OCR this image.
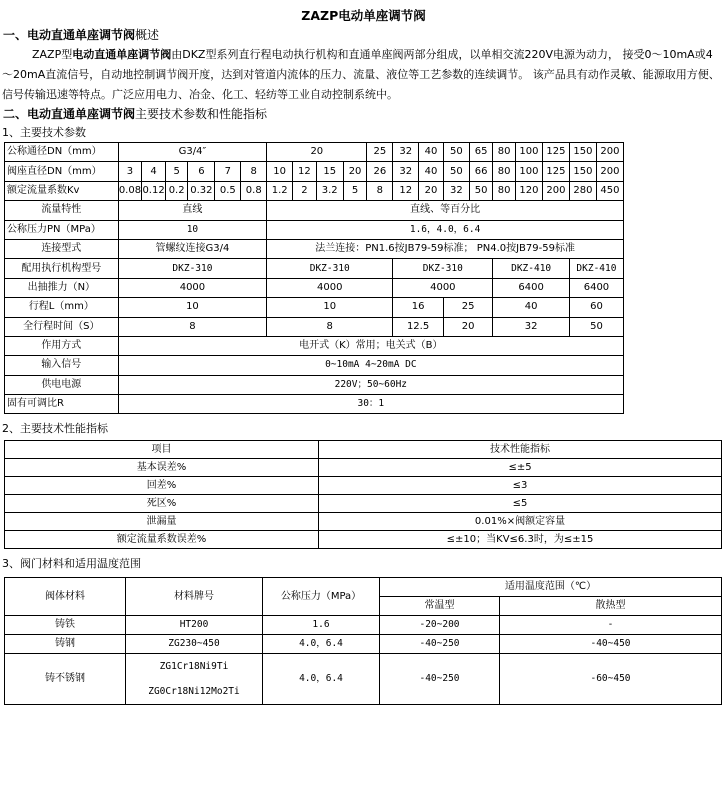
ZAZP电动单座调节阀
一、电动直通单座调节阀概述
ZAZP型电动直通单座调节阀由DKZ型系列直行程电动执行机构和直通单座阀两部分组成，以单相交流220V电源为动力， 接受0～10mA或4～20mA直流信号，自动地控制调节阀开度，达到对管道内流体的压力、流量、液位等工艺参数的连续调节。 该产品具有动作灵敏、能源取用方便、信号传输迅速等特点。广泛应用电力、冶金、化工、轻纺等工业自动控制系统中。
二、电动直通单座调节阀主要技术参数和性能指标
1、主要技术参数
公称通径DN（mm）	G3/4″						20				25	32	40	50	65	80	100	125	150	200
阀座直径DN（mm）	3	4	5	6	7	8	10	12	15	20	26	32	40	50	66	80	100	125	150	200
额定流量系数Kv	0.08	0.12	0.2	0.32	0.5	0.8	1.2	2	3.2	5	8	12	20	32	50	80	120	200	280	450
流量特性	直线						直线、等百分比													
公称压力PN（MPa）	10						1.6，4.0，6.4													
连接型式	管螺纹连接G3/4						法兰连接：PN1.6按JB79-59标准； PN4.0按JB79-59标准													
配用执行机构型号	DKZ-310						DKZ-310					DKZ-310				DKZ-410			DKZ-410	
出抽推力（N）	4000						4000					4000				6400			6400	
行程L（mm）	10						10					16		25		40			60	
全行程时间（S）	8						8					12.5		20		32			50	
作用方式	电开式（K）常用；电关式（B）																			
输入信号	0~10mA 4~20mA DC																			
供电电源	220V；50~60Hz																			
固有可调比R	30：1																			
2、主要技术性能指标
项目	技术性能指标
基本误差%	≤±5
回差%	≤3
死区%	≤5
泄漏量	0.01%×阀额定容量
额定流量系数误差%	≤±10；当KV≤6.3时，为≤±15
3、阀门材料和适用温度范围
阀体材料	材料牌号	公称压力（MPa）	适用温度范围（℃）	
			常温型	散热型
铸铁	HT200	1.6	-20~200	-
铸钢	ZG230~450	4.0，6.4	-40~250	-40~450
铸不锈钢	ZG1Cr18Ni9Ti
ZG0Cr18Ni12Mo2Ti	4.0，6.4	-40~250	-60~450
